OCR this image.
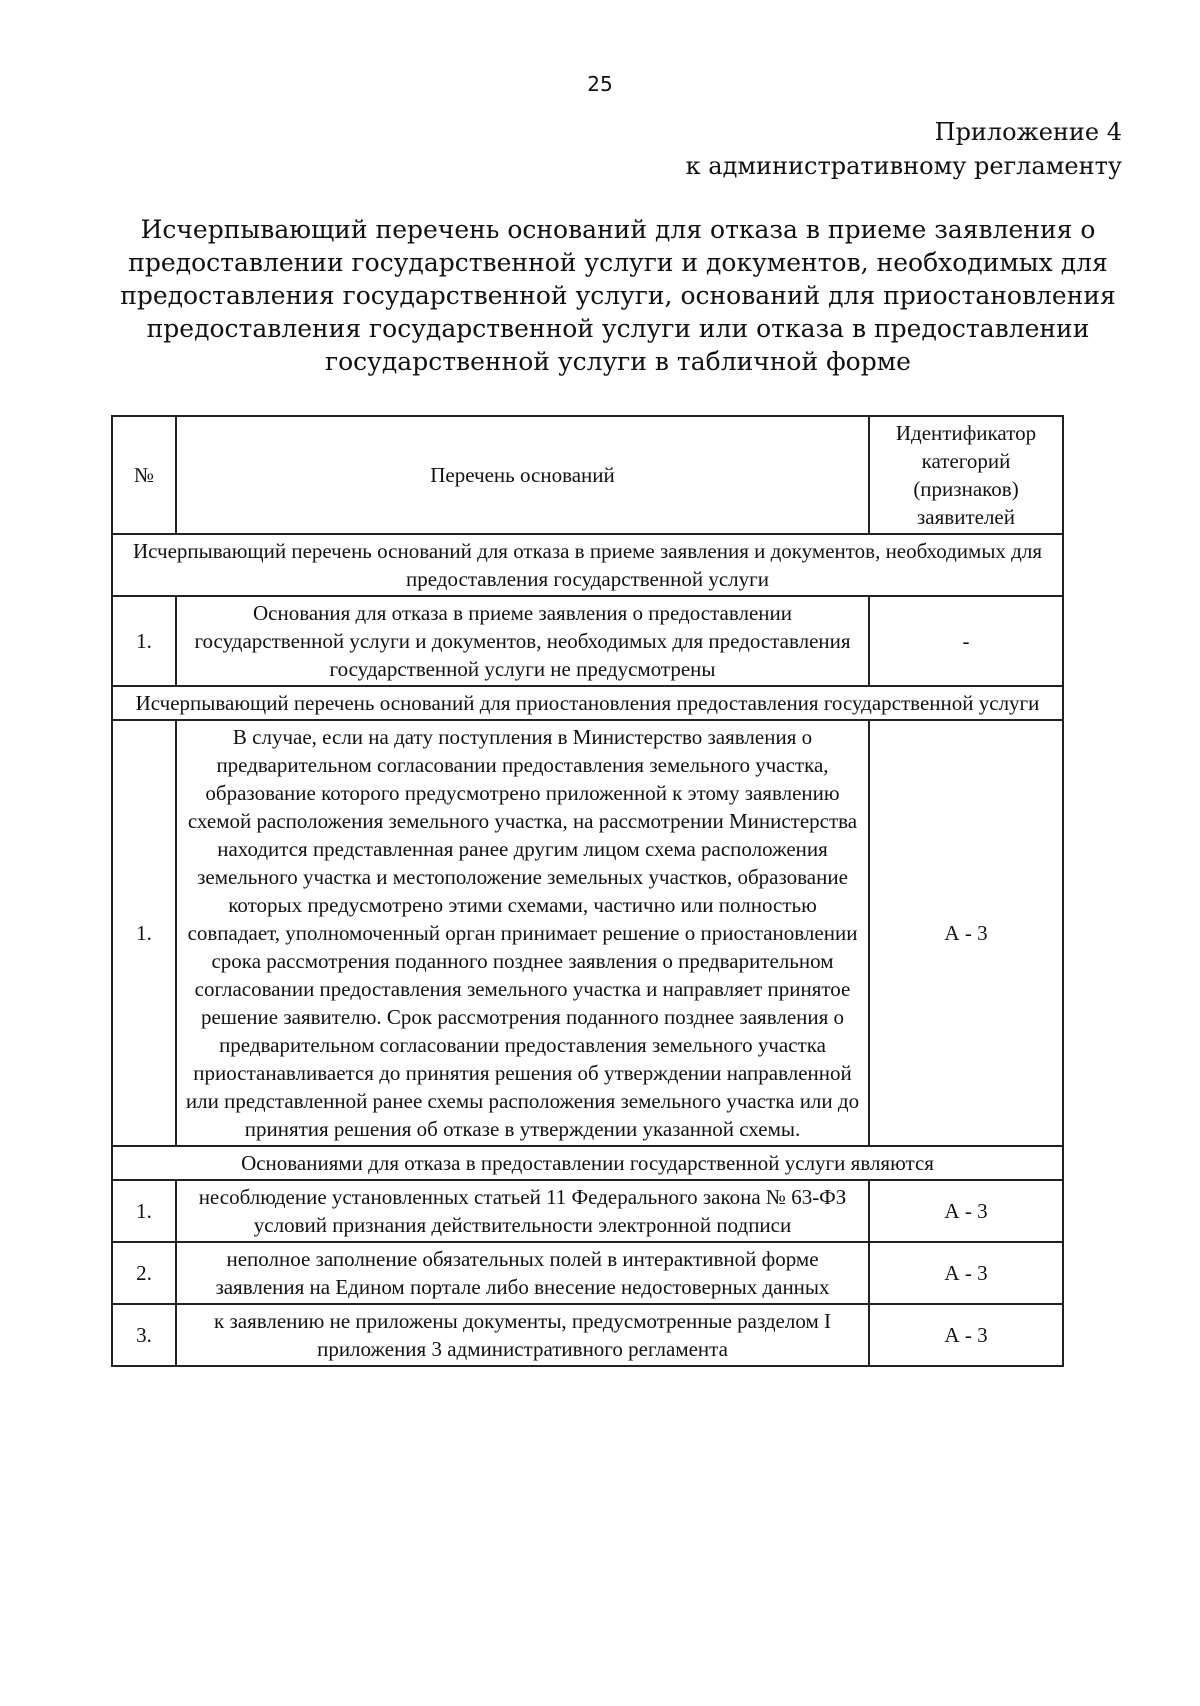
25
Приложение 4
к административному регламенту
Исчерпывающий перечень оснований для отказа в приеме заявления о предоставлении государственной услуги и документов, необходимых для предоставления государственной услуги, оснований для приостановления предоставления государственной услуги или отказа в предоставлении государственной услуги в табличной форме
№	Перечень оснований	Идентификатор категорий (признаков) заявителей
Исчерпывающий перечень оснований для отказа в приеме заявления и документов, необходимых для предоставления государственной услуги		
1.	Основания для отказа в приеме заявления о предоставлении государственной услуги и документов, необходимых для предоставления государственной услуги не предусмотрены	-
Исчерпывающий перечень оснований для приостановления предоставления государственной услуги		
1.	В случае, если на дату поступления в Министерство заявления о предварительном согласовании предоставления земельного участка, образование которого предусмотрено приложенной к этому заявлению схемой расположения земельного участка, на рассмотрении Министерства находится представленная ранее другим лицом схема расположения земельного участка и местоположение земельных участков, образование которых предусмотрено этими схемами, частично или полностью совпадает, уполномоченный орган принимает решение о приостановлении срока рассмотрения поданного позднее заявления о предварительном согласовании предоставления земельного участка и направляет принятое решение заявителю. Срок рассмотрения поданного позднее заявления о предварительном согласовании предоставления земельного участка приостанавливается до принятия решения об утверждении направленной или представленной ранее схемы расположения земельного участка или до принятия решения об отказе в утверждении указанной схемы.	А - 3
Основаниями для отказа в предоставлении государственной услуги являются		
1.	несоблюдение установленных статьей 11 Федерального закона № 63-ФЗ условий признания действительности электронной подписи	А - 3
2.	неполное заполнение обязательных полей в интерактивной форме заявления на Едином портале либо внесение недостоверных данных	А - 3
3.	к заявлению не приложены документы, предусмотренные разделом I приложения 3 административного регламента	А - 3
